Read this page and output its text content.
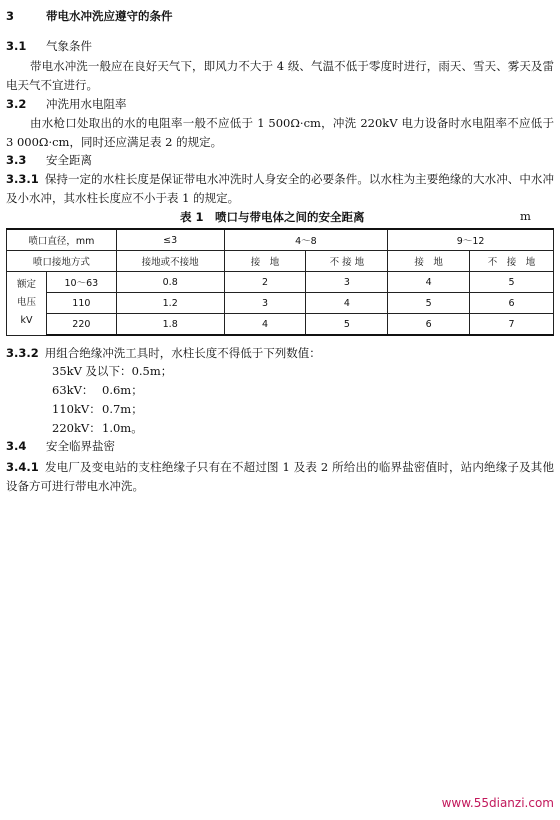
3	带电水冲洗应遵守的条件
3.1 气象条件
带电水冲洗一般应在良好天气下，即风力不大于 4 级、气温不低于零度时进行，雨天、雪天、雾天及雷电天气不宜进行。
3.2 冲洗用水电阻率
由水枪口处取出的水的电阻率一般不应低于 1 500Ω·cm，冲洗 220kV 电力设备时水电阻率不应低于 3 000Ω·cm，同时还应满足表 2 的规定。
3.3 安全距离
3.3.1 保持一定的水柱长度是保证带电水冲洗时人身安全的必要条件。以水柱为主要绝缘的大水冲、中水冲及小水冲，其水柱长度应不小于表 1 的规定。
表 1　喷口与带电体之间的安全距离	m
喷口直径，mm		≤3	4～8		9～12	
喷口接地方式		接地或不接地	接　地	不 接 地	接　地	不　接　地

额定
电压
kV	10～63	0.8	2	3	4	5
	110	1.2	3	4	5	6
	220	1.8	4	5	6	7
3.3.2 用组合绝缘冲洗工具时，水柱长度不得低于下列数值：
35kV 及以下：0.5m；
63kV： 0.6m；
110kV：0.7m；
220kV：1.0m。
3.4 安全临界盐密
3.4.1 发电厂及变电站的支柱绝缘子只有在不超过图 1 及表 2 所给出的临界盐密值时，站内绝缘子及其他设备方可进行带电水冲洗。
www.55dianzi.com
